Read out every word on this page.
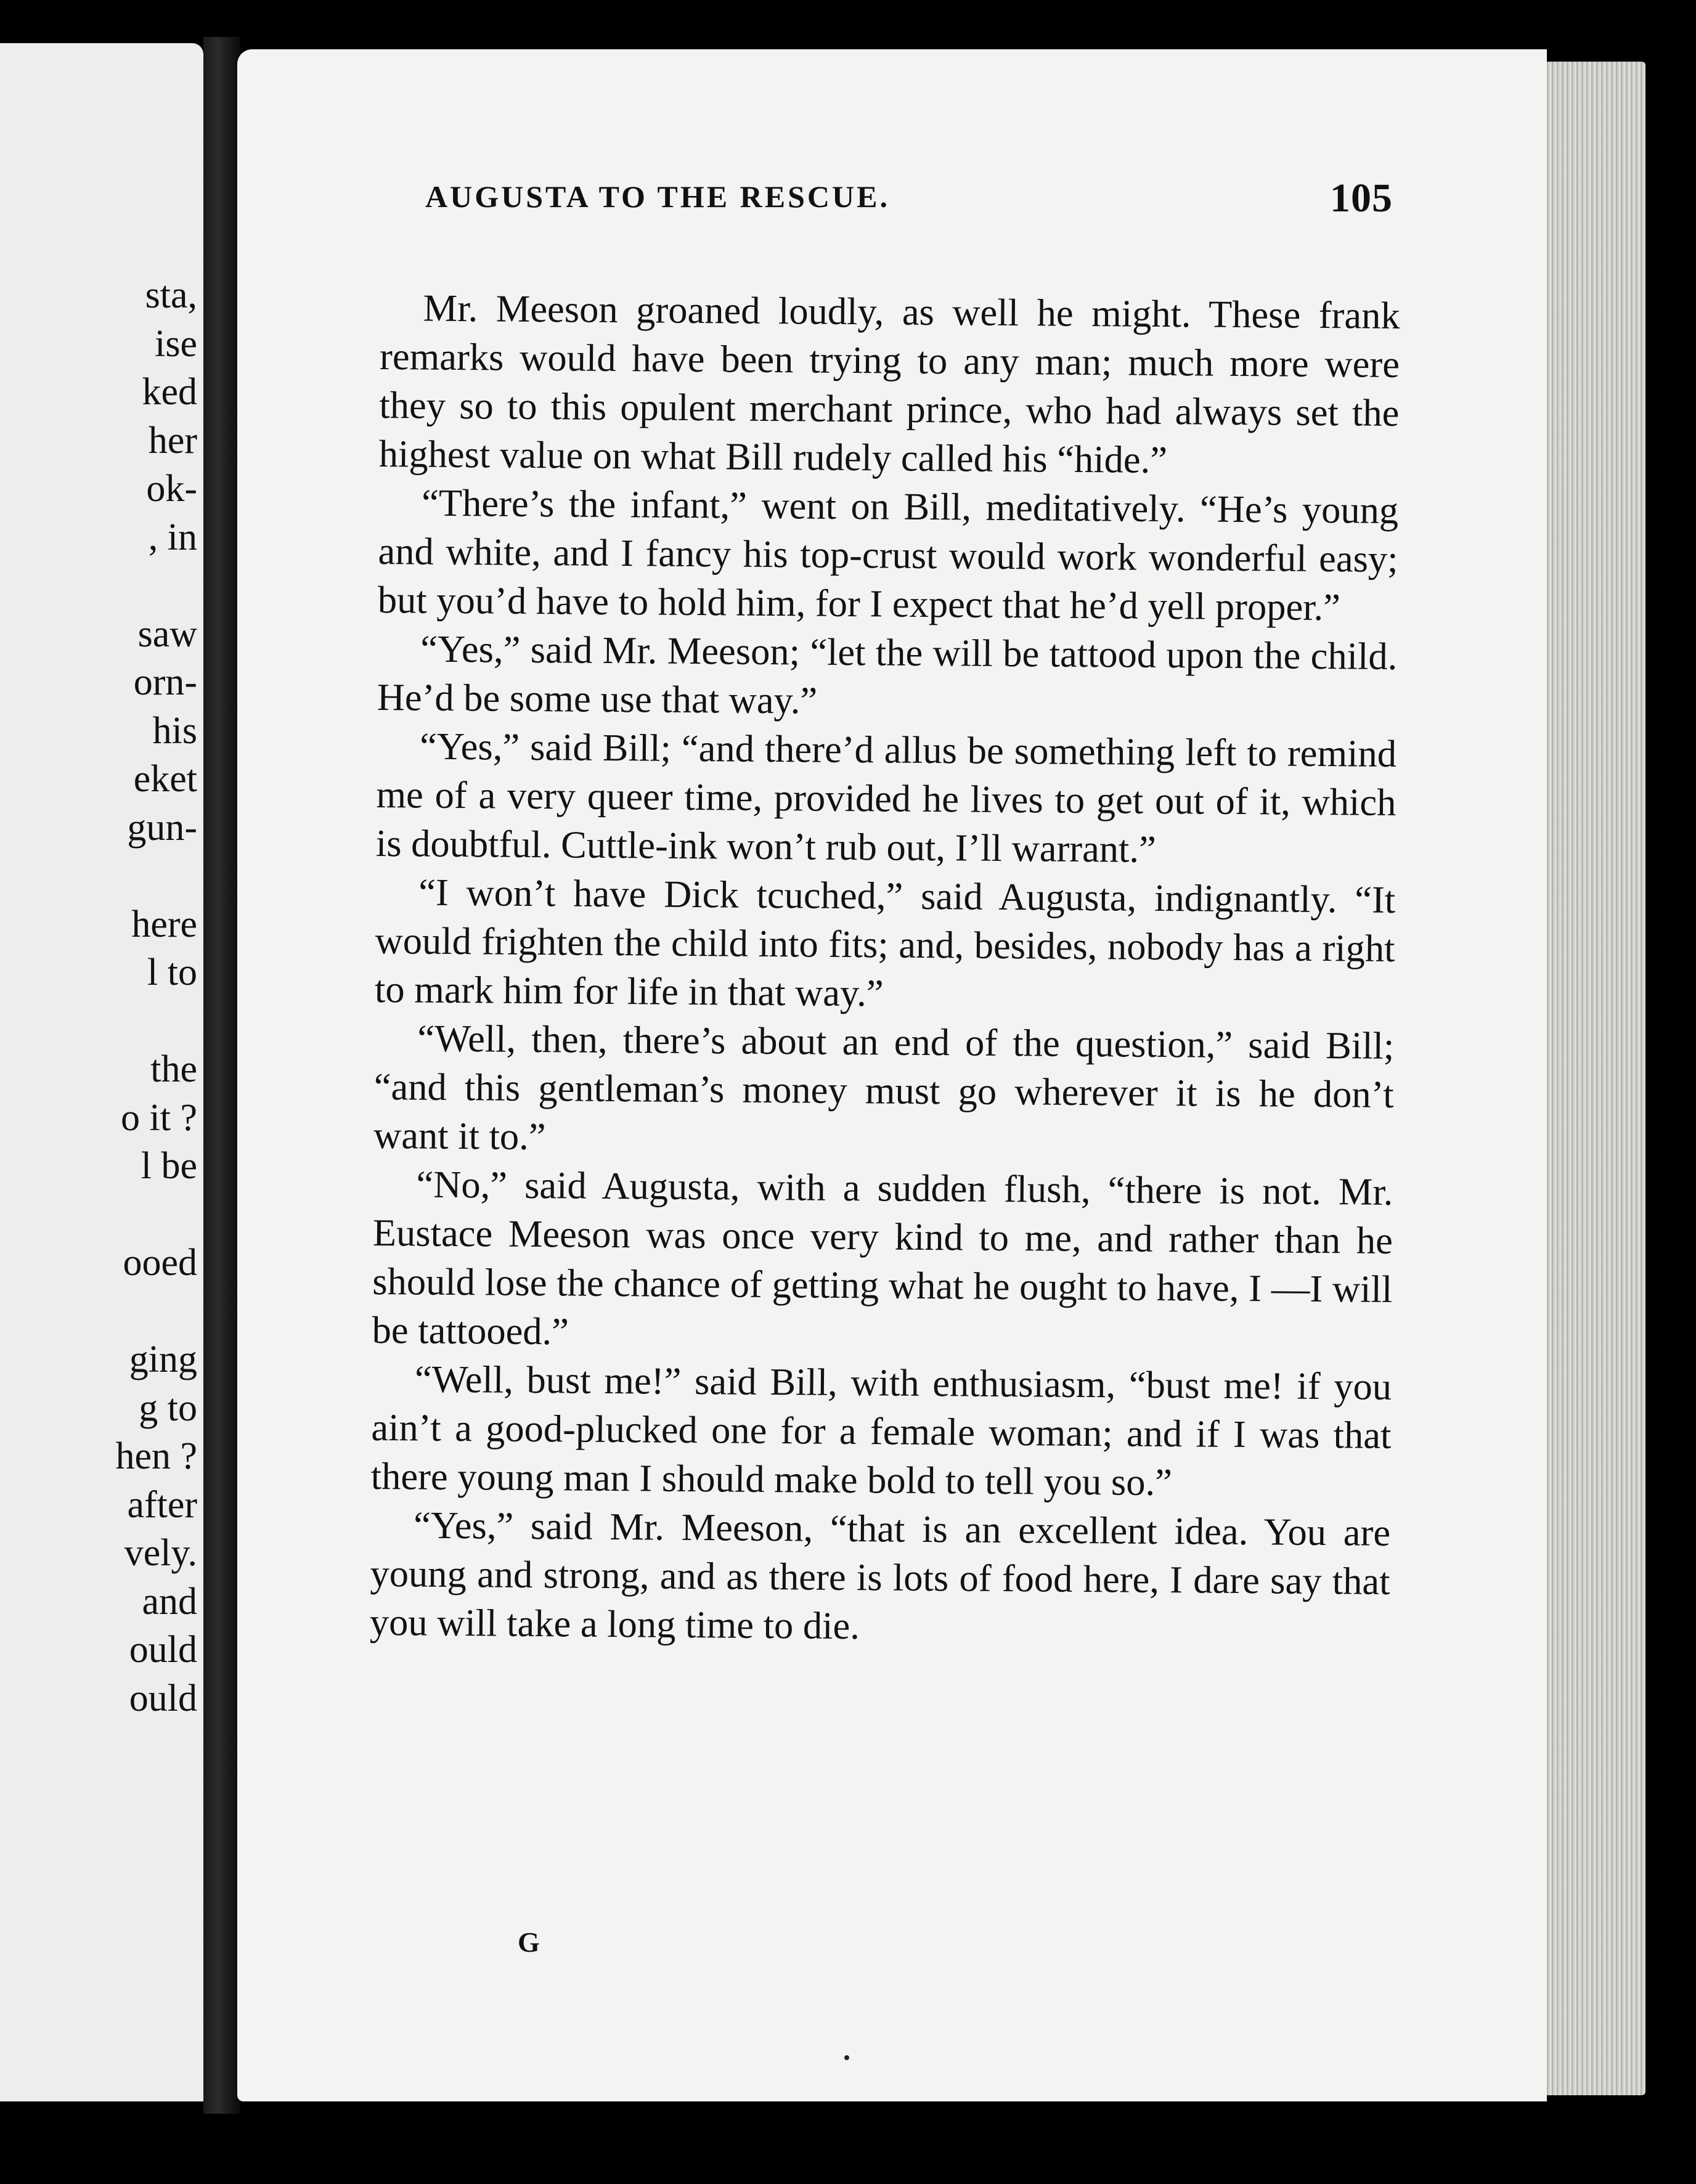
sta,
ise
ked
her
ok-
, in
saw
orn-
his
eket
gun-
here
l to
the
o it ?
l be
ooed
ging
g to
hen ?
after
vely.
and
ould
ould
AUGUSTA TO THE RESCUE.	105

Mr. Meeson groaned loudly, as well he might. These frank remarks would have been trying to any man; much more were they so to this opulent merchant prince, who had always set the highest value on what Bill rudely called his “hide.”

“There’s the infant,” went on Bill, meditatively. “He’s young and white, and I fancy his top-crust would work wonderful easy; but you’d have to hold him, for I expect that he’d yell proper.”

“Yes,” said Mr. Meeson; “let the will be tattood upon the child. He’d be some use that way.”

“Yes,” said Bill; “and there’d allus be something left to remind me of a very queer time, provided he lives to get out of it, which is doubtful. Cuttle-ink won’t rub out, I’ll warrant.”

“I won’t have Dick tcuched,” said Augusta, indignantly. “It would frighten the child into fits; and, besides, nobody has a right to mark him for life in that way.”

“Well, then, there’s about an end of the question,” said Bill; “and this gentleman’s money must go wherever it is he don’t want it to.”

“No,” said Augusta, with a sudden flush, “there is not. Mr. Eustace Meeson was once very kind to me, and rather than he should lose the chance of getting what he ought to have, I —I will be tattooed.”

“Well, bust me!” said Bill, with enthusiasm, “bust me! if you ain’t a good-plucked one for a female woman; and if I was that there young man I should make bold to tell you so.”

“Yes,” said Mr. Meeson, “that is an excellent idea. You are young and strong, and as there is lots of food here, I dare say that you will take a long time to die.

G
